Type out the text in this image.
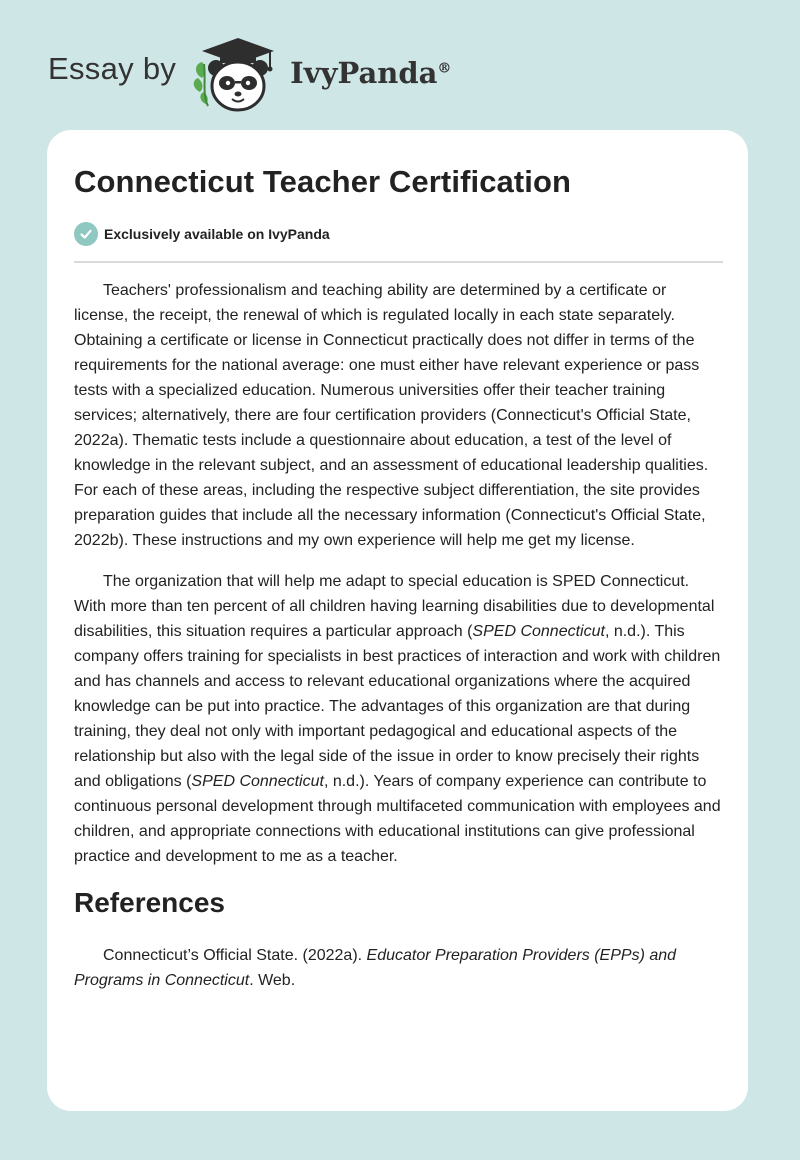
Essay by	IvyPanda®
Connecticut Teacher Certification
Exclusively available on IvyPanda

Teachers' professionalism and teaching ability are determined by a certificate or license, the receipt, the renewal of which is regulated locally in each state separately. Obtaining a certificate or license in Connecticut practically does not differ in terms of the requirements for the national average: one must either have relevant experience or pass tests with a specialized education. Numerous universities offer their teacher training services; alternatively, there are four certification providers (Connecticut's Official State, 2022a). Thematic tests include a questionnaire about education, a test of the level of knowledge in the relevant subject, and an assessment of educational leadership qualities. For each of these areas, including the respective subject differentiation, the site provides preparation guides that include all the necessary information (Connecticut's Official State, 2022b). These instructions and my own experience will help me get my license.

The organization that will help me adapt to special education is SPED Connecticut. With more than ten percent of all children having learning disabilities due to developmental disabilities, this situation requires a particular approach (SPED Connecticut, n.d.). This company offers training for specialists in best practices of interaction and work with children and has channels and access to relevant educational organizations where the acquired knowledge can be put into practice. The advantages of this organization are that during training, they deal not only with important pedagogical and educational aspects of the relationship but also with the legal side of the issue in order to know precisely their rights and obligations (SPED Connecticut, n.d.). Years of company experience can contribute to continuous personal development through multifaceted communication with employees and children, and appropriate connections with educational institutions can give professional practice and development to me as a teacher.

References

Connecticut’s Official State. (2022a). Educator Preparation Providers (EPPs) and Programs in Connecticut. Web.
